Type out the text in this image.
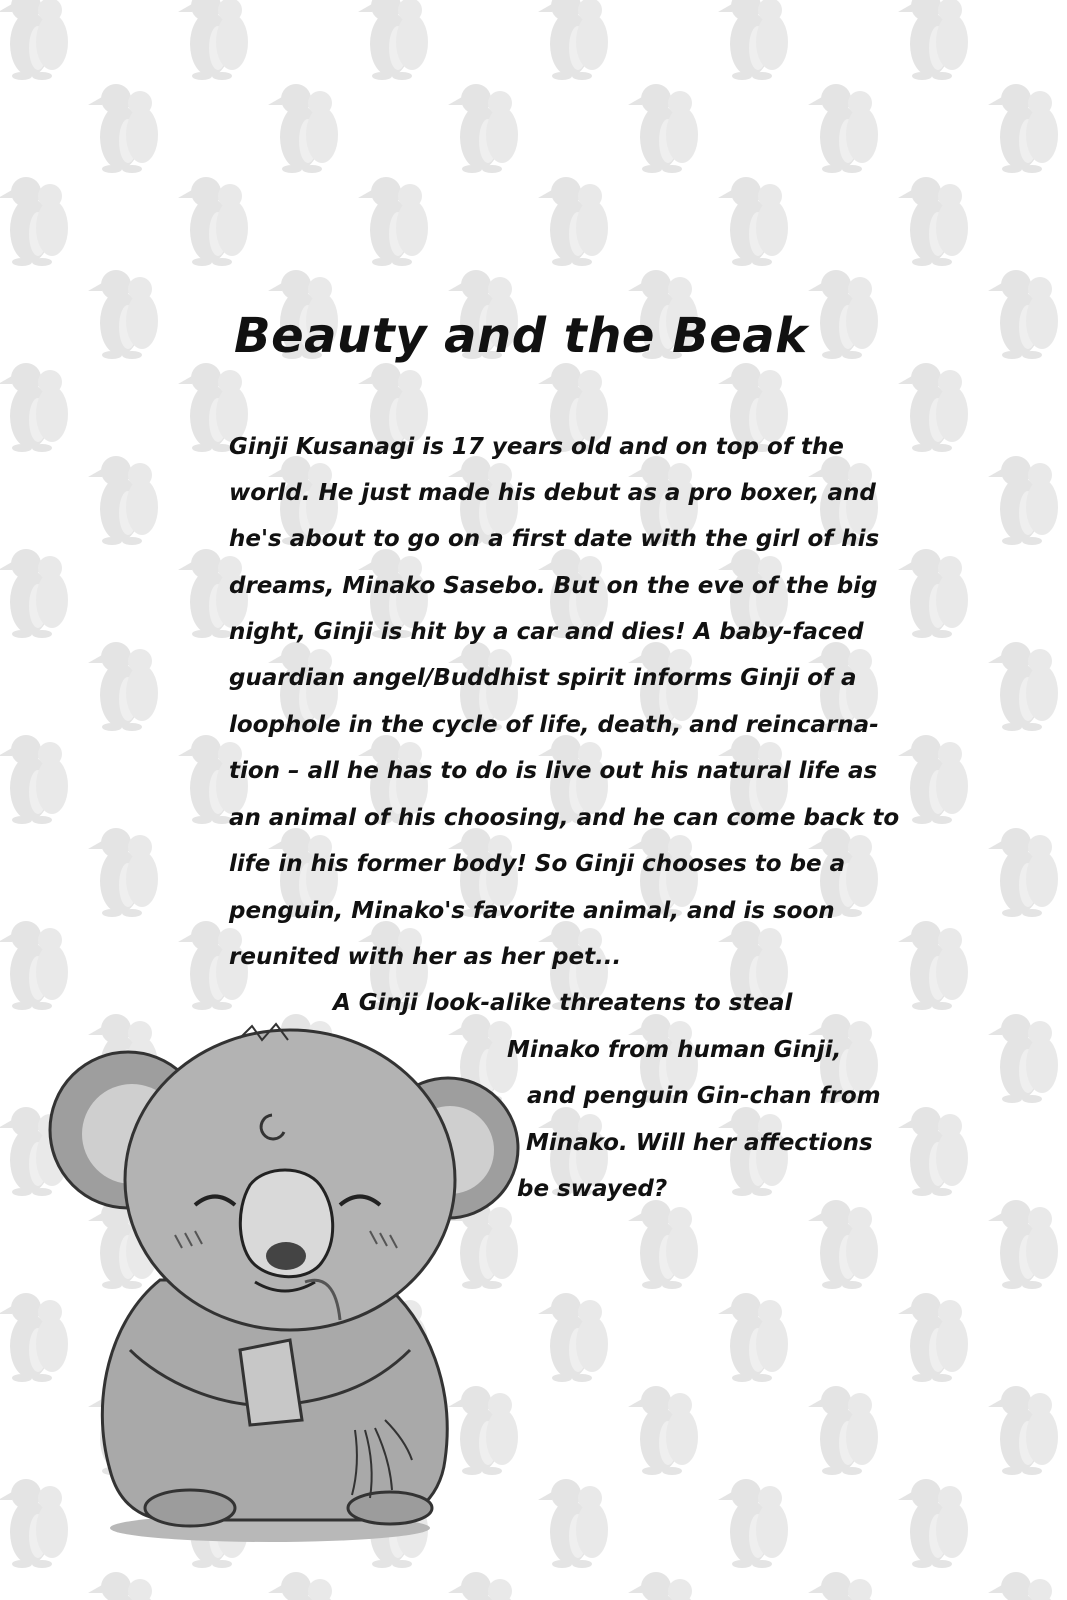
Beauty and the Beak
Ginji Kusanagi is 17 years old and on top of the
world. He just made his debut as a pro boxer, and
he's about to go on a first date with the girl of his
dreams, Minako Sasebo. But on the eve of the big
night, Ginji is hit by a car and dies! A baby-faced
guardian angel/Buddhist spirit informs Ginji of a
loophole in the cycle of life, death, and reincarna-
tion – all he has to do is live out his natural life as
an animal of his choosing, and he can come back to
life in his former body! So Ginji chooses to be a
penguin, Minako's favorite animal, and is soon
reunited with her as her pet...
A Ginji look-alike threatens to steal
Minako from human Ginji,
and penguin Gin-chan from
Minako. Will her affections
be swayed?
